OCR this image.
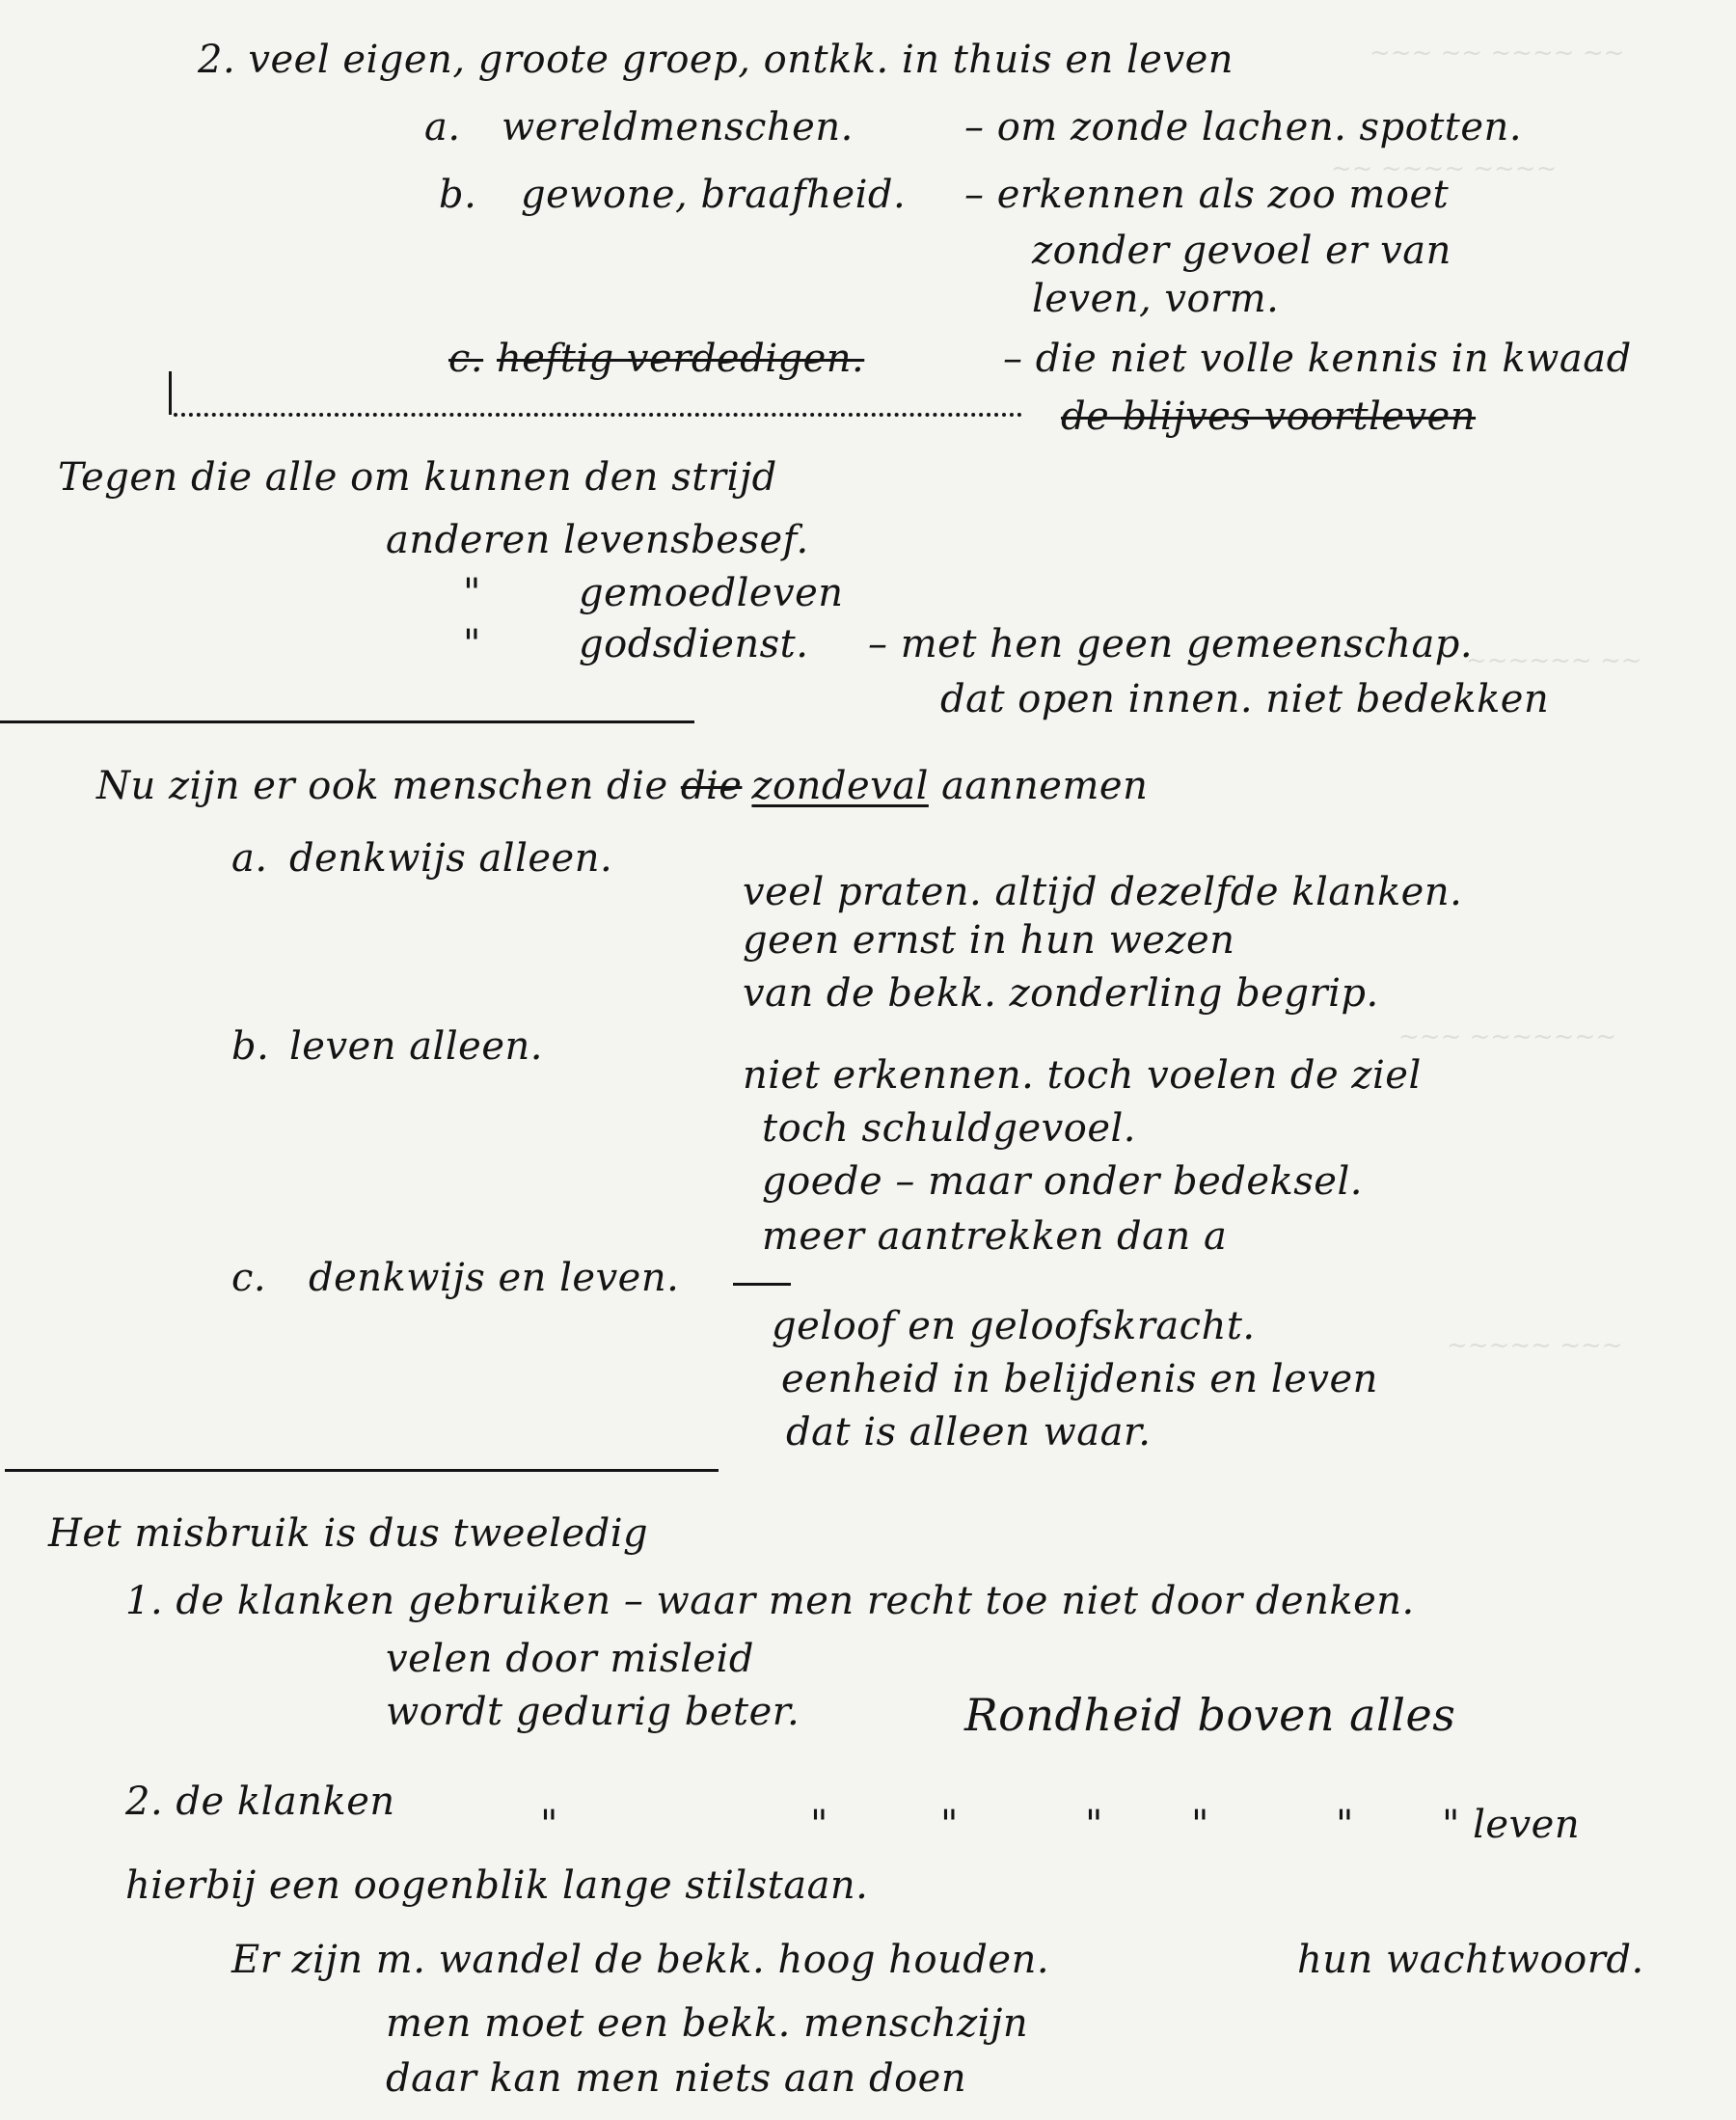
~~~ ~~ ~~~~ ~~
~~ ~~~~ ~~~~
~~~~~~ ~~
~~~ ~~~~~~~
~~~~~ ~~~
2. veel eigen, groote groep, ontkk. in thuis en leven
a. wereldmenschen.	– om zonde lachen. spotten.
b. gewone, braafheid. – erkennen als zoo moet
zonder gevoel er van
leven, vorm.
c. heftig verdedigen.	– die niet volle kennis in kwaad
de blijves voortleven
Tegen die alle om kunnen den strijd
anderen levensbesef.
"	gemoedleven
"	godsdienst. – met hen geen gemeenschap.
dat open innen. niet bedekken
Nu zijn er ook menschen die die zondeval aannemen
a. denkwijs alleen.
veel praten. altijd dezelfde klanken.
geen ernst in hun wezen
van de bekk. zonderling begrip.
b. leven alleen.
niet erkennen. toch voelen de ziel
toch schuldgevoel.
goede – maar onder bedeksel.
meer aantrekken dan a
c. denkwijs en leven.
geloof en geloofskracht.
eenheid in belijdenis en leven
dat is alleen waar.
Het misbruik is dus tweeledig
1. de klanken gebruiken – waar men recht toe niet door denken.
velen door misleid
wordt gedurig beter.	Rondheid boven alles
2. de klanken
"	"	"	" "	" " leven
hierbij een oogenblik lange stilstaan.
Er zijn m. wandel de bekk. hoog houden.	hun wachtwoord.
men moet een bekk. menschzijn
daar kan men niets aan doen
